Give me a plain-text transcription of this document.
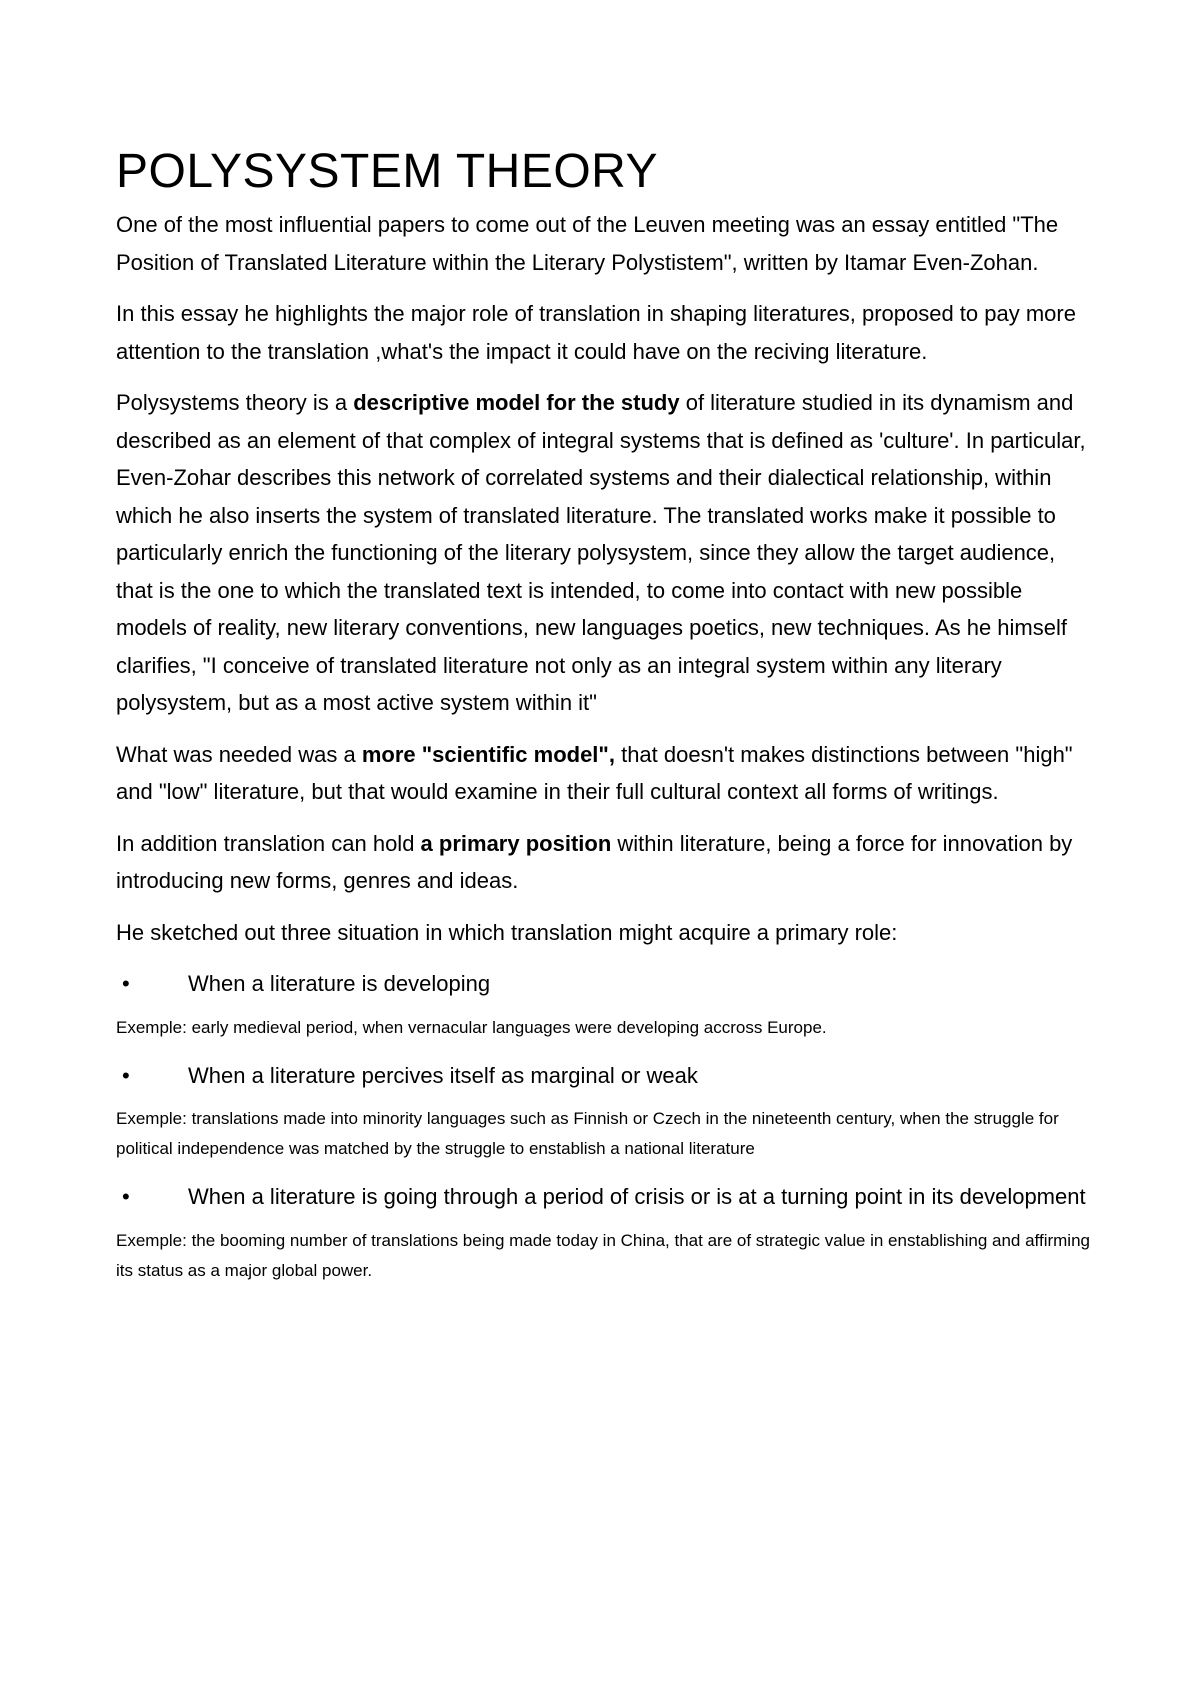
POLYSYSTEM THEORY

One of the most influential papers to come out of the Leuven meeting was an essay entitled "The Position of Translated Literature within the Literary Polystistem", written by Itamar Even-Zohan.

In this essay he highlights the major role of translation in shaping literatures, proposed to pay more attention to the translation ,what's the impact it could have on the reciving literature.

Polysystems theory is a descriptive model for the study of literature studied in its dynamism and described as an element of that complex of integral systems that is defined as 'culture'. In particular, Even-Zohar describes this network of correlated systems and their dialectical relationship, within which he also inserts the system of translated literature. The translated works make it possible to particularly enrich the functioning of the literary polysystem, since they allow the target audience, that is the one to which the translated text is intended, to come into contact with new possible models of reality, new literary conventions, new languages poetics, new techniques. As he himself clarifies, "I conceive of translated literature not only as an integral system within any literary polysystem, but as a most active system within it"

What was needed was a more "scientific model", that doesn't makes distinctions between "high" and "low" literature, but that would examine in their full cultural context all forms of writings.

In addition translation can hold a primary position within literature, being a force for innovation by introducing new forms, genres and ideas.

He sketched out three situation in which translation might acquire a primary role:

•	When a literature is developing

Exemple: early medieval period, when vernacular languages were developing accross Europe.

•	When a literature percives itself as marginal or weak

Exemple: translations made into minority languages such as Finnish or Czech in the nineteenth century, when the struggle for political independence was matched by the struggle to enstablish a national literature

•	When a literature is going through a period of crisis or is at a turning point in its development

Exemple: the booming number of translations being made today in China, that are of strategic value in enstablishing and affirming its status as a major global power.
